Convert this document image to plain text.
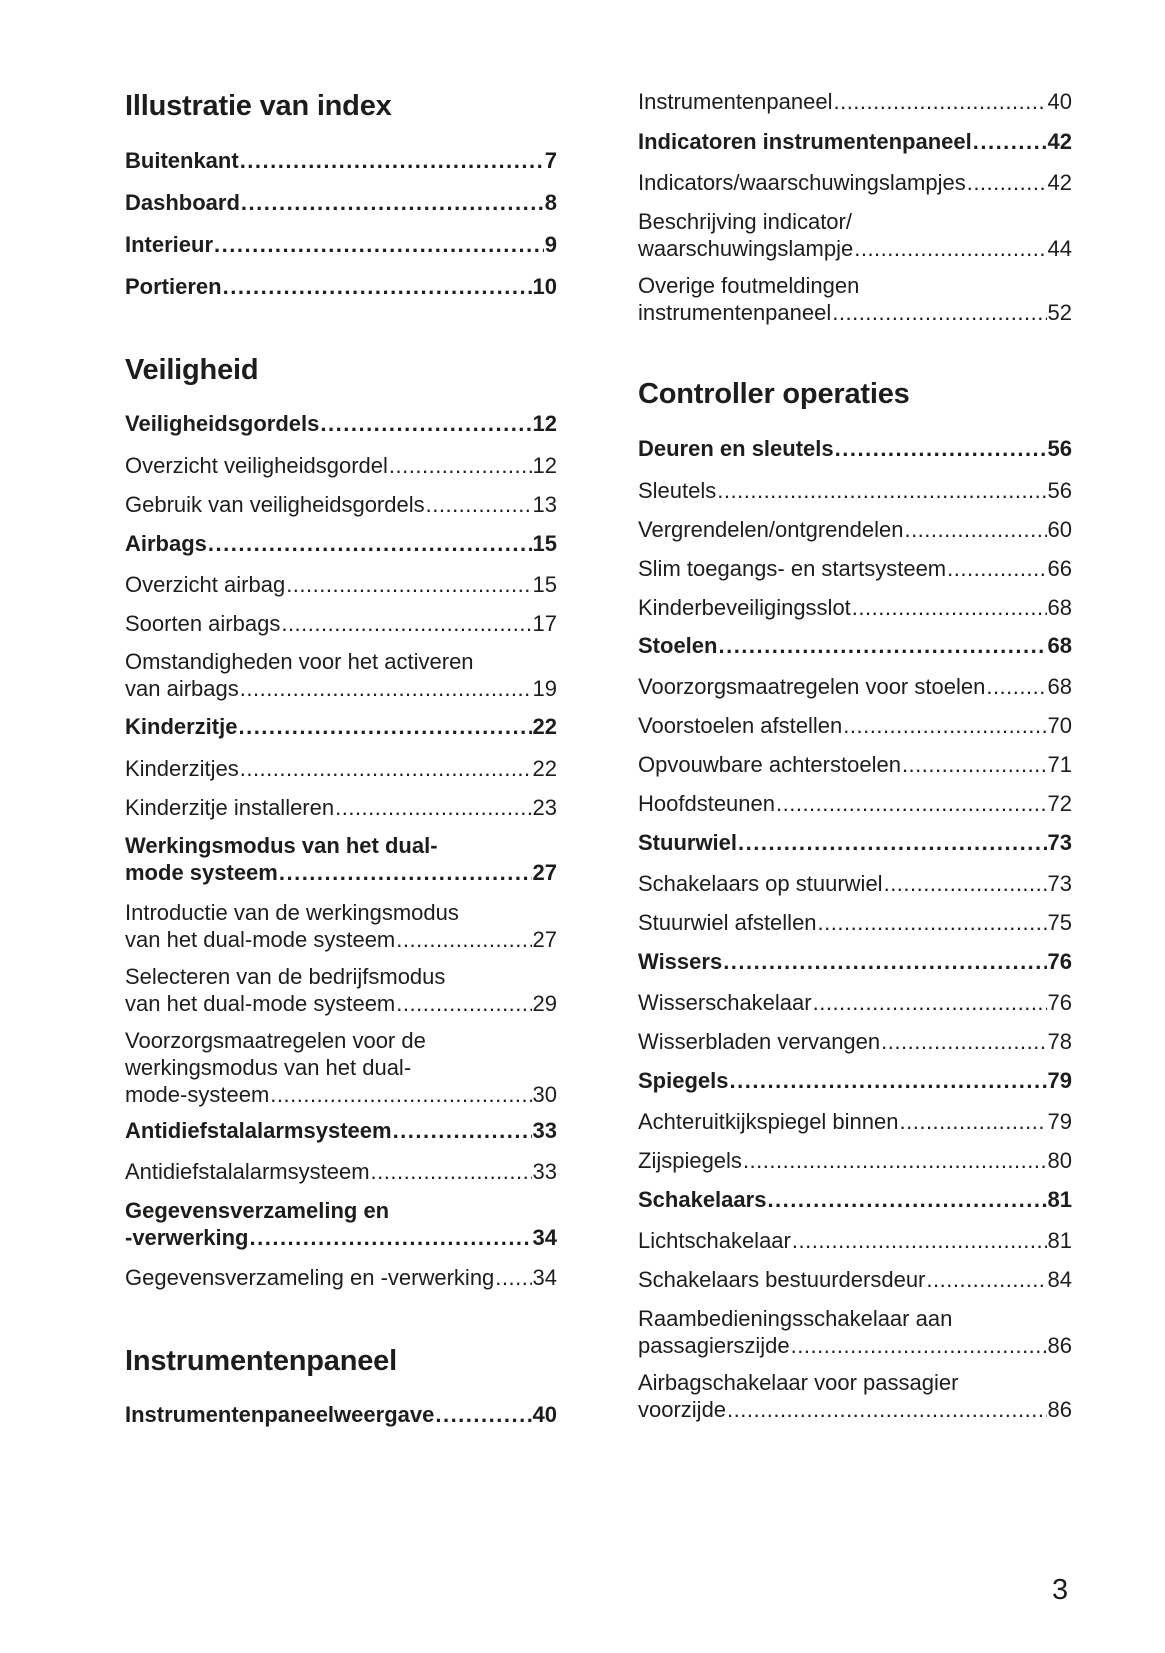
Illustratie van index
Buitenkant .....	7
Dashboard .....	8
Interieur .....	9
Portieren .....	10
Veiligheid
Veiligheidsgordels .....	12
Overzicht veiligheidsgordel .....	12
Gebruik van veiligheidsgordels .....	13
Airbags .....	15
Overzicht airbag .....	15
Soorten airbags .....	17
Omstandigheden voor het activeren
van airbags .....	19
Kinderzitje .....	22
Kinderzitjes .....	22
Kinderzitje installeren .....	23
Werkingsmodus van het dual-
mode systeem .....	27
Introductie van de werkingsmodus
van het dual-mode systeem .....	27
Selecteren van de bedrijfsmodus
van het dual-mode systeem .....	29
Voorzorgsmaatregelen voor de
werkingsmodus van het dual-
mode-systeem .....	30
Antidiefstalalarmsysteem .....	33
Antidiefstalalarmsysteem .....	33
Gegevensverzameling en
-verwerking .....	34
Gegevensverzameling en -verwerking ..... 34
Instrumentenpaneel
Instrumentenpaneelweergave .....	40
Instrumentenpaneel .....	40
Indicatoren instrumentenpaneel .....	42
Indicators/waarschuwingslampjes .....	42
Beschrijving indicator/
waarschuwingslampje .....	44
Overige foutmeldingen
instrumentenpaneel .....	52
Controller operaties
Deuren en sleutels .....	56
Sleutels .....	56
Vergrendelen/ontgrendelen .....	60
Slim toegangs- en startsysteem .....	66
Kinderbeveiligingsslot .....	68
Stoelen .....	68
Voorzorgsmaatregelen voor stoelen .....	68
Voorstoelen afstellen .....	70
Opvouwbare achterstoelen .....	71
Hoofdsteunen .....	72
Stuurwiel .....	73
Schakelaars op stuurwiel .....	73
Stuurwiel afstellen .....	75
Wissers .....	76
Wisserschakelaar .....	76
Wisserbladen vervangen .....	78
Spiegels .....	79
Achteruitkijkspiegel binnen .....	79
Zijspiegels .....	80
Schakelaars .....	81
Lichtschakelaar .....	81
Schakelaars bestuurdersdeur .....	84
Raambedieningsschakelaar aan
passagierszijde .....	86
Airbagschakelaar voor passagier
voorzijde .....	86
3
